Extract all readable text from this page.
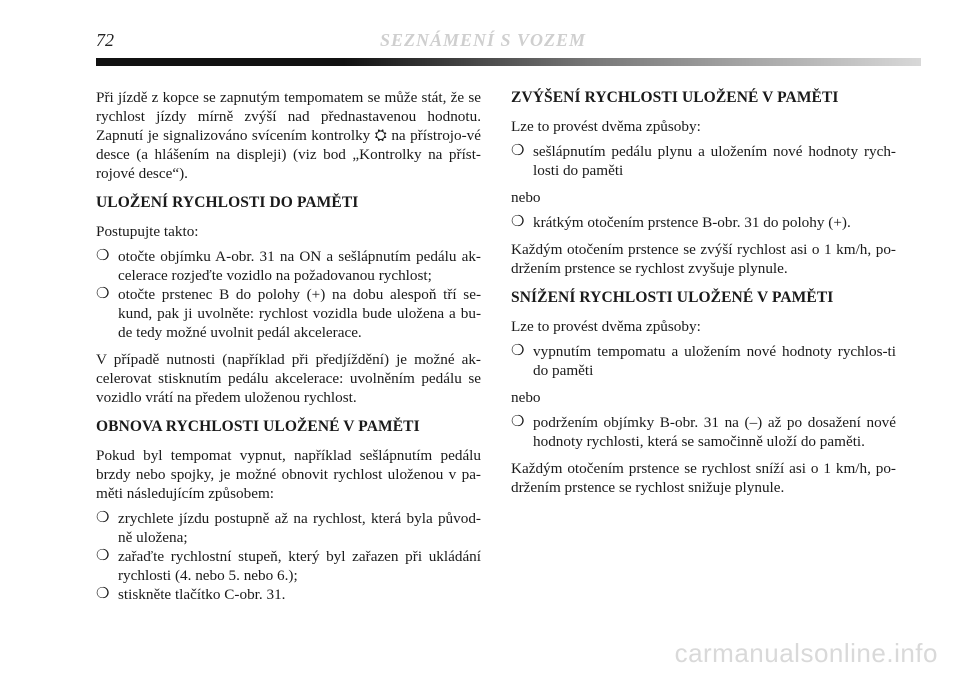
72	SEZNÁMENÍ S VOZEM

Při jízdě z kopce se zapnutým tempomatem se může stát, že se rychlost jízdy mírně zvýší nad přednastavenou hodnotu. Zapnutí je signalizováno svícením kontrolky ⛭ na přístrojo-vé desce (a hlášením na displeji) (viz bod „Kontrolky na příst-rojové desce“).

ULOŽENÍ RYCHLOSTI DO PAMĚTI

Postupujte takto:

❍ otočte objímku A-obr. 31 na ON a sešlápnutím pedálu ak-celerace rozjeďte vozidlo na požadovanou rychlost;
❍ otočte prstenec B do polohy (+) na dobu alespoň tří se-kund, pak ji uvolněte: rychlost vozidla bude uložena a bu-de tedy možné uvolnit pedál akcelerace.

V případě nutnosti (například při předjíždění) je možné ak-celerovat stisknutím pedálu akcelerace: uvolněním pedálu se vozidlo vrátí na předem uloženou rychlost.

OBNOVA RYCHLOSTI ULOŽENÉ V PAMĚTI

Pokud byl tempomat vypnut, například sešlápnutím pedálu brzdy nebo spojky, je možné obnovit rychlost uloženou v pa-měti následujícím způsobem:

❍ zrychlete jízdu postupně až na rychlost, která byla původ-ně uložena;
❍ zařaďte rychlostní stupeň, který byl zařazen při ukládání rychlosti (4. nebo 5. nebo 6.);
❍ stiskněte tlačítko C-obr. 31.
ZVÝŠENÍ RYCHLOSTI ULOŽENÉ V PAMĚTI

Lze to provést dvěma způsoby:

❍ sešlápnutím pedálu plynu a uložením nové hodnoty rych-losti do paměti

nebo

❍ krátkým otočením prstence B-obr. 31 do polohy (+).

Každým otočením prstence se zvýší rychlost asi o 1 km/h, po-držením prstence se rychlost zvyšuje plynule.

SNÍŽENÍ RYCHLOSTI ULOŽENÉ V PAMĚTI

Lze to provést dvěma způsoby:

❍ vypnutím tempomatu a uložením nové hodnoty rychlos-ti do paměti

nebo

❍ podržením objímky B-obr. 31 na (–) až po dosažení nové hodnoty rychlosti, která se samočinně uloží do paměti.

Každým otočením prstence se rychlost sníží asi o 1 km/h, po-držením prstence se rychlost snižuje plynule.

carmanualsonline.info
